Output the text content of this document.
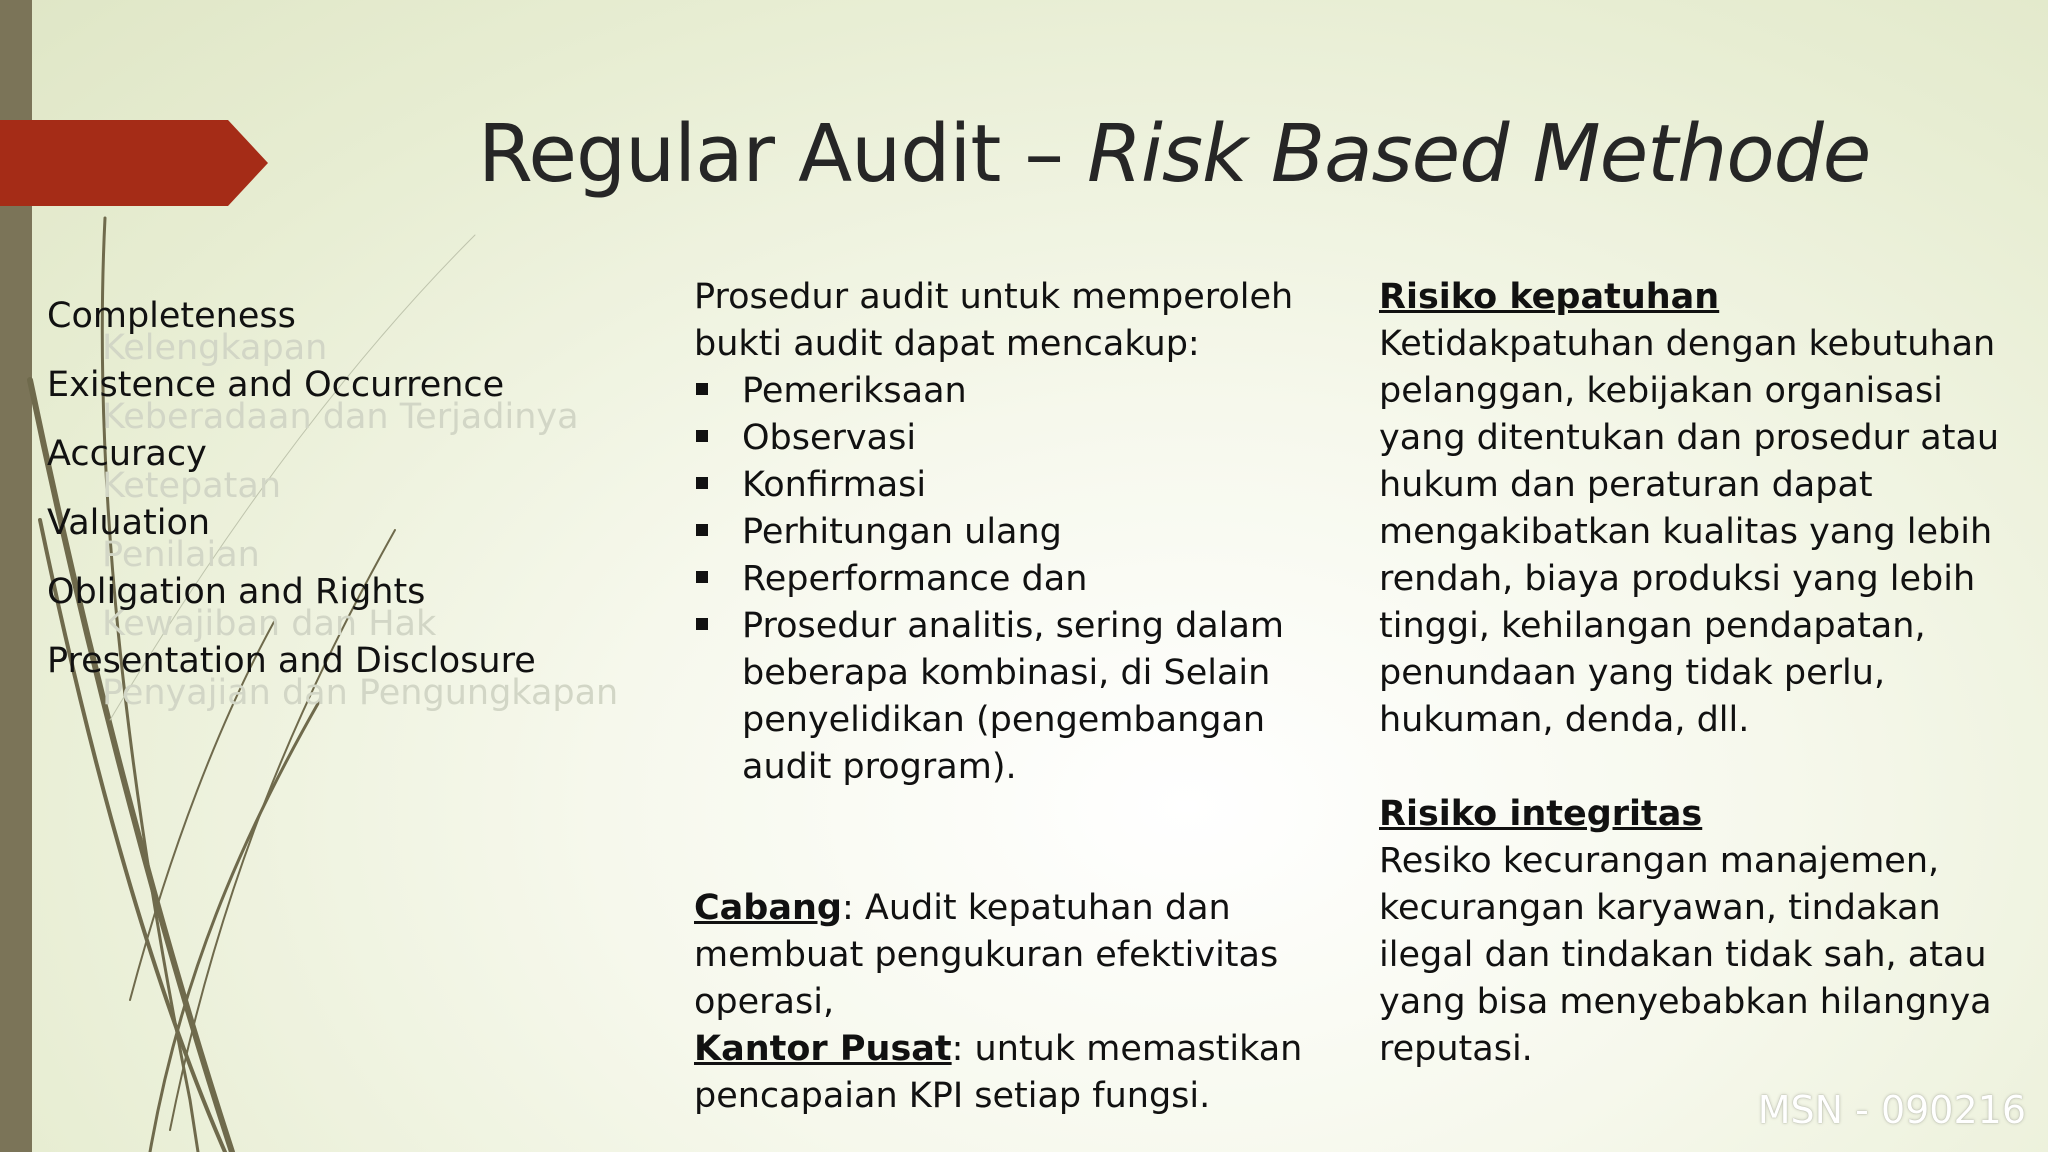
Regular Audit – Risk Based Methode
Kelengkapan
Completeness
Keberadaan dan Terjadinya
Existence and Occurrence
Ketepatan
Accuracy
Penilaian
Valuation
Kewajiban dan Hak
Obligation and Rights
Penyajian dan Pengungkapan
Presentation and Disclosure

Prosedur audit untuk memperoleh bukti audit dapat mencakup:

Pemeriksaan
Observasi
Konfirmasi
Perhitungan ulang
Reperformance dan
Prosedur analitis, sering dalam beberapa kombinasi, di Selain penyelidikan (pengembangan audit program).

Cabang: Audit kepatuhan dan membuat pengukuran efektivitas operasi,

Kantor Pusat: untuk memastikan pencapaian KPI setiap fungsi.

Risiko kepatuhan

Ketidakpatuhan dengan kebutuhan pelanggan, kebijakan organisasi yang ditentukan dan prosedur atau hukum dan peraturan dapat mengakibatkan kualitas yang lebih rendah, biaya produksi yang lebih tinggi, kehilangan pendapatan, penundaan yang tidak perlu, hukuman, denda, dll.

Risiko integritas

Resiko kecurangan manajemen, kecurangan karyawan, tindakan ilegal dan tindakan tidak sah, atau yang bisa menyebabkan hilangnya reputasi.

MSN - 090216
